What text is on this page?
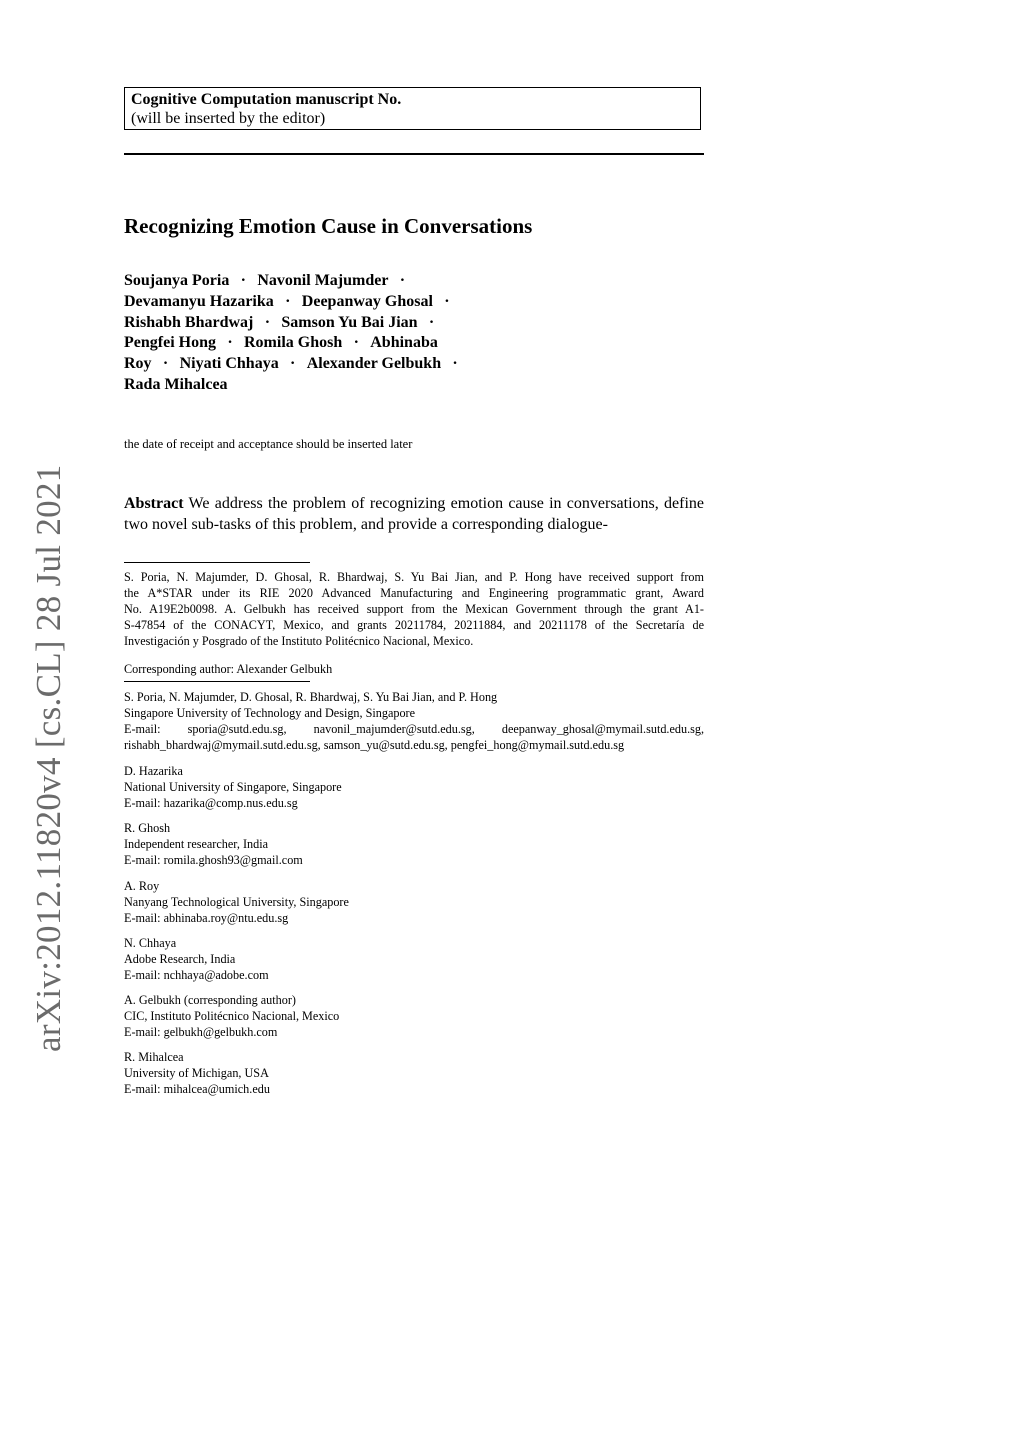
Cognitive Computation manuscript No.
(will be inserted by the editor)
Recognizing Emotion Cause in Conversations
Soujanya Poria · Navonil Majumder ·
Devamanyu Hazarika · Deepanway Ghosal ·
Rishabh Bhardwaj · Samson Yu Bai Jian ·
Pengfei Hong · Romila Ghosh · Abhinaba
Roy · Niyati Chhaya · Alexander Gelbukh ·
Rada Mihalcea
the date of receipt and acceptance should be inserted later
Abstract We address the problem of recognizing emotion cause in conversations, define two novel sub-tasks of this problem, and provide a corresponding dialogue-
S. Poria, N. Majumder, D. Ghosal, R. Bhardwaj, S. Yu Bai Jian, and P. Hong have received support from
the A*STAR under its RIE 2020 Advanced Manufacturing and Engineering programmatic grant, Award
No. A19E2b0098. A. Gelbukh has received support from the Mexican Government through the grant A1-
S-47854 of the CONACYT, Mexico, and grants 20211784, 20211884, and 20211178 of the Secretaría de
Investigación y Posgrado of the Instituto Politécnico Nacional, Mexico.
Corresponding author: Alexander Gelbukh
S. Poria, N. Majumder, D. Ghosal, R. Bhardwaj, S. Yu Bai Jian, and P. Hong
Singapore University of Technology and Design, Singapore
E-mail: sporia@sutd.edu.sg, navonil_majumder@sutd.edu.sg, deepanway_ghosal@mymail.sutd.edu.sg,
rishabh_bhardwaj@mymail.sutd.edu.sg, samson_yu@sutd.edu.sg, pengfei_hong@mymail.sutd.edu.sg
D. Hazarika
National University of Singapore, Singapore
E-mail: hazarika@comp.nus.edu.sg
R. Ghosh
Independent researcher, India
E-mail: romila.ghosh93@gmail.com
A. Roy
Nanyang Technological University, Singapore
E-mail: abhinaba.roy@ntu.edu.sg
N. Chhaya
Adobe Research, India
E-mail: nchhaya@adobe.com
A. Gelbukh (corresponding author)
CIC, Instituto Politécnico Nacional, Mexico
E-mail: gelbukh@gelbukh.com
R. Mihalcea
University of Michigan, USA
E-mail: mihalcea@umich.edu
arXiv:2012.11820v4 [cs.CL] 28 Jul 2021
